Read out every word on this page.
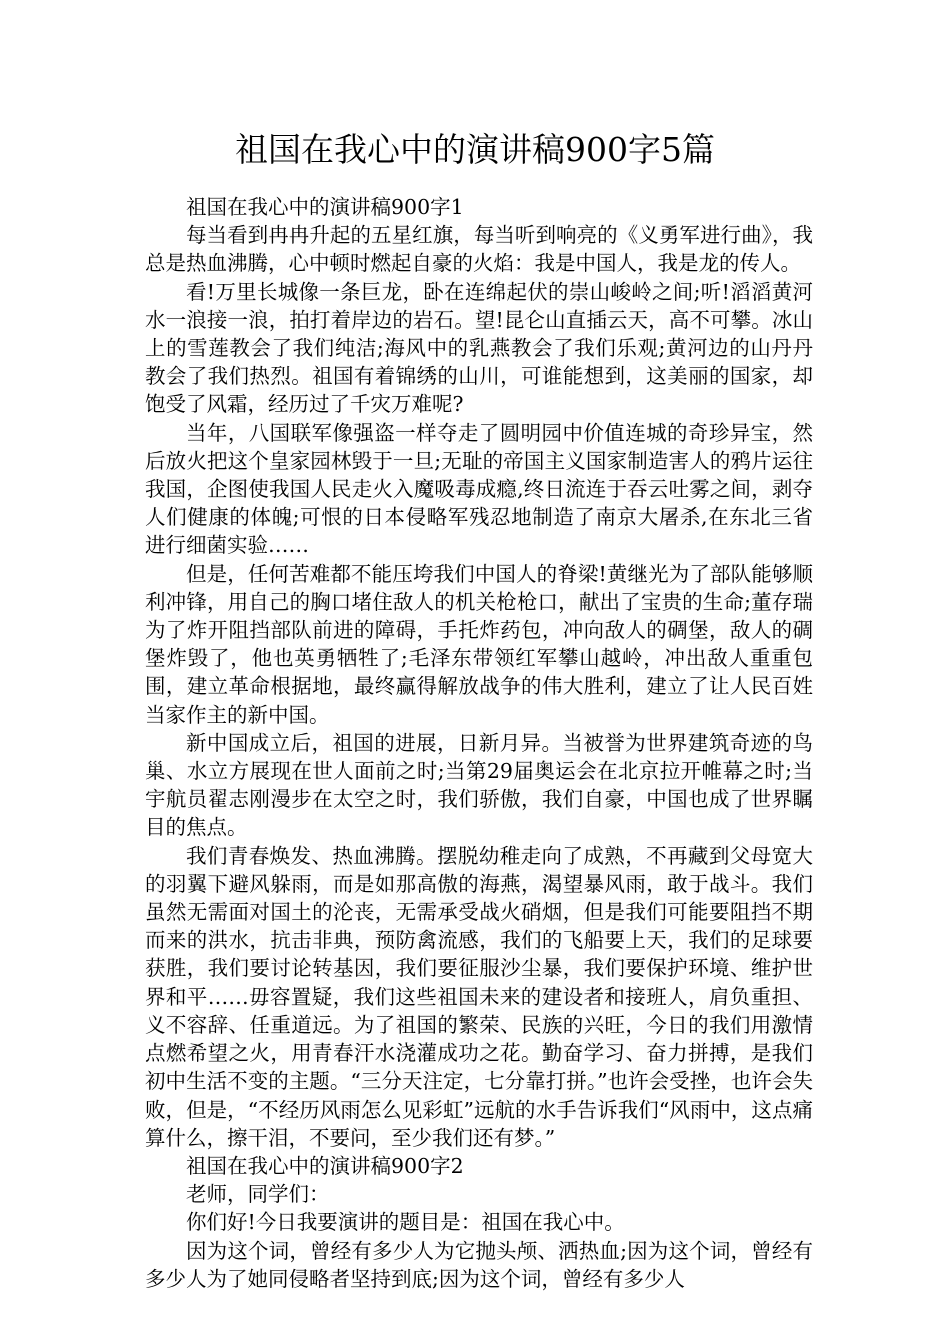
祖国在我心中的演讲稿900字5篇

祖国在我心中的演讲稿900字1

每当看到冉冉升起的五星红旗，每当听到响亮的《义勇军进行曲》，我总是热血沸腾，心中顿时燃起自豪的火焰：我是中国人，我是龙的传人。

看!万里长城像一条巨龙，卧在连绵起伏的崇山峻岭之间;听!滔滔黄河水一浪接一浪，拍打着岸边的岩石。望!昆仑山直插云天，高不可攀。冰山上的雪莲教会了我们纯洁;海风中的乳燕教会了我们乐观;黄河边的山丹丹教会了我们热烈。祖国有着锦绣的山川，可谁能想到，这美丽的国家，却饱受了风霜，经历过了千灾万难呢?

当年，八国联军像强盗一样夺走了圆明园中价值连城的奇珍异宝，然后放火把这个皇家园林毁于一旦;无耻的帝国主义国家制造害人的鸦片运往我国，企图使我国人民走火入魔吸毒成瘾,终日流连于吞云吐雾之间，剥夺人们健康的体魄;可恨的日本侵略军残忍地制造了南京大屠杀,在东北三省进行细菌实验……

但是，任何苦难都不能压垮我们中国人的脊梁!黄继光为了部队能够顺利冲锋，用自己的胸口堵住敌人的机关枪枪口，献出了宝贵的生命;董存瑞为了炸开阻挡部队前进的障碍，手托炸药包，冲向敌人的碉堡，敌人的碉堡炸毁了，他也英勇牺牲了;毛泽东带领红军攀山越岭，冲出敌人重重包围，建立革命根据地，最终赢得解放战争的伟大胜利，建立了让人民百姓当家作主的新中国。

新中国成立后，祖国的进展，日新月异。当被誉为世界建筑奇迹的鸟巢、水立方展现在世人面前之时;当第29届奥运会在北京拉开帷幕之时;当宇航员翟志刚漫步在太空之时，我们骄傲，我们自豪，中国也成了世界瞩目的焦点。

我们青春焕发、热血沸腾。摆脱幼稚走向了成熟，不再藏到父母宽大的羽翼下避风躲雨，而是如那高傲的海燕，渴望暴风雨，敢于战斗。我们虽然无需面对国土的沦丧，无需承受战火硝烟，但是我们可能要阻挡不期而来的洪水，抗击非典，预防禽流感，我们的飞船要上天，我们的足球要获胜，我们要讨论转基因，我们要征服沙尘暴，我们要保护环境、维护世界和平……毋容置疑，我们这些祖国未来的建设者和接班人，肩负重担、义不容辞、任重道远。为了祖国的繁荣、民族的兴旺，今日的我们用激情点燃希望之火，用青春汗水浇灌成功之花。勤奋学习、奋力拼搏，是我们初中生活不变的主题。“三分天注定，七分靠打拼。”也许会受挫，也许会失败，但是，“不经历风雨怎么见彩虹”远航的水手告诉我们“风雨中，这点痛算什么，擦干泪，不要问，至少我们还有梦。”

祖国在我心中的演讲稿900字2

老师，同学们：

你们好!今日我要演讲的题目是：祖国在我心中。

因为这个词，曾经有多少人为它抛头颅、洒热血;因为这个词，曾经有多少人为了她同侵略者坚持到底;因为这个词，曾经有多少人
